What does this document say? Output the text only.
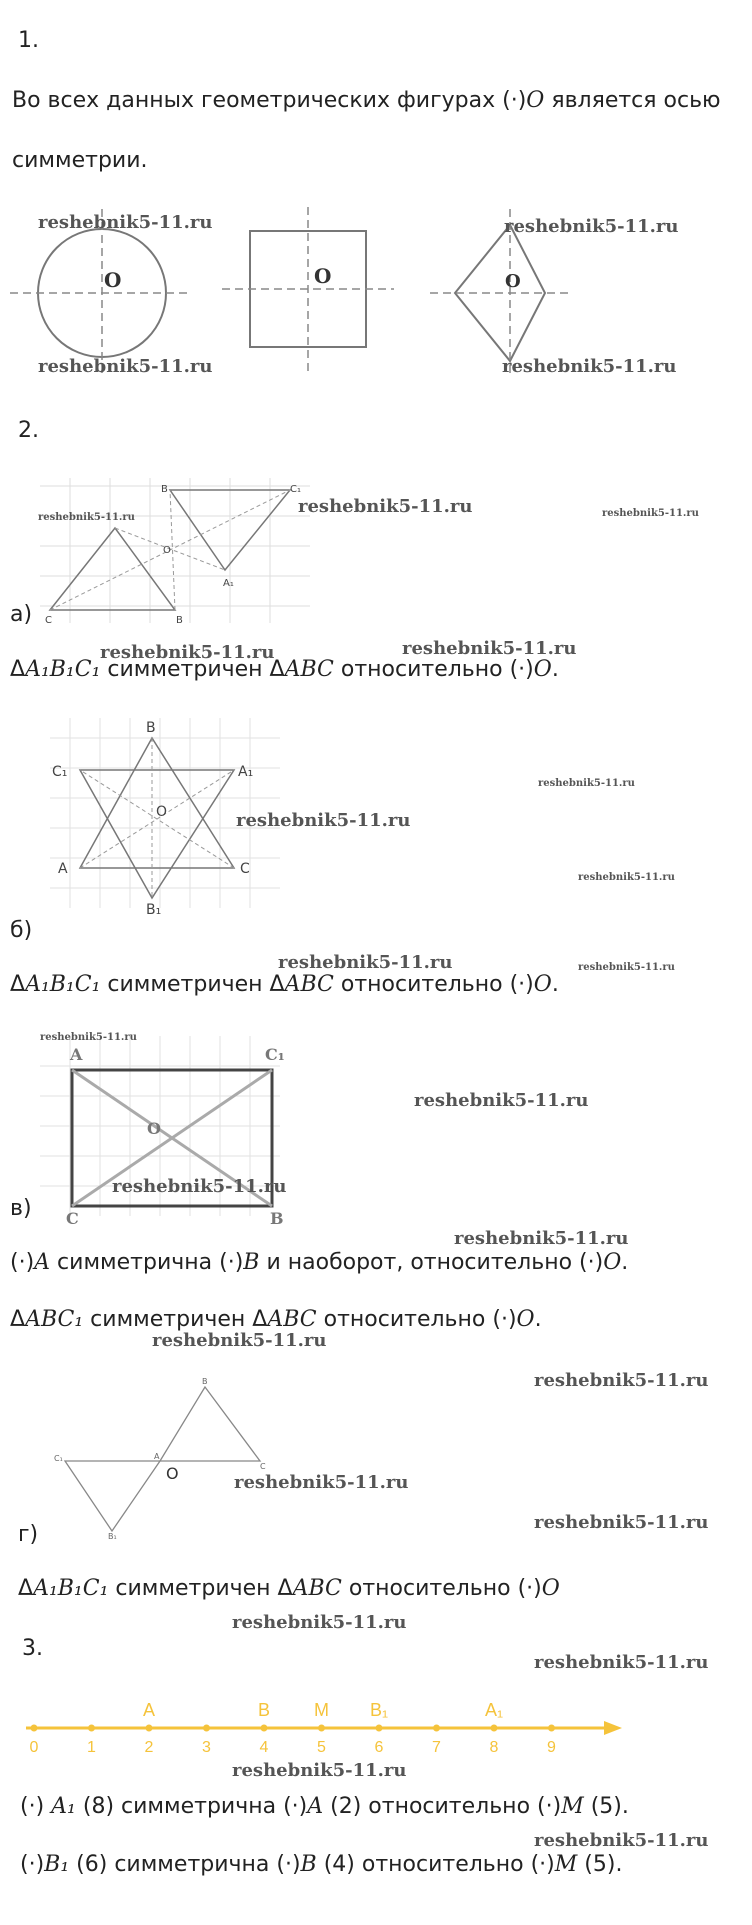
1.
Во всех данных геометрических фигурах (·)O является осью
симметрии.
O	O	O
2.
B	C₁
O
A₁
C	B
а)
ΔA₁B₁C₁ симметричен ΔABC относительно (·)O.
B
C₁	A₁
O
A	C
B₁
б)
ΔA₁B₁C₁ симметричен ΔABC относительно (·)O.
A	C₁
O
C	B
в)
(·)A симметрична (·)B и наоборот, относительно (·)O.
ΔABC₁ симметричен ΔABC относительно (·)O.
B
C₁	A
O	C
B₁
г)
ΔA₁B₁C₁ симметричен ΔABC относительно (·)O
3.
0	1	2	3	4	5	6	7	8	9
A	B M B₁	A₁
(·) A₁ (8) симметрична (·)A (2) относительно (·)M (5).
(·)B₁ (6) симметрична (·)B (4) относительно (·)M (5).
reshebnik5-11.ru
reshebnik5-11.ru
reshebnik5-11.ru
reshebnik5-11.ru
reshebnik5-11.ru
reshebnik5-11.ru	reshebnik5-11.ru
reshebnik5-11.ru	reshebnik5-11.ru
reshebnik5-11.ru
reshebnik5-11.ru
reshebnik5-11.ru
reshebnik5-11.ru	reshebnik5-11.ru
reshebnik5-11.ru
reshebnik5-11.ru
reshebnik5-11.ru
reshebnik5-11.ru
reshebnik5-11.ru
reshebnik5-11.ru
reshebnik5-11.ru
reshebnik5-11.ru
reshebnik5-11.ru
reshebnik5-11.ru
reshebnik5-11.ru
reshebnik5-11.ru
